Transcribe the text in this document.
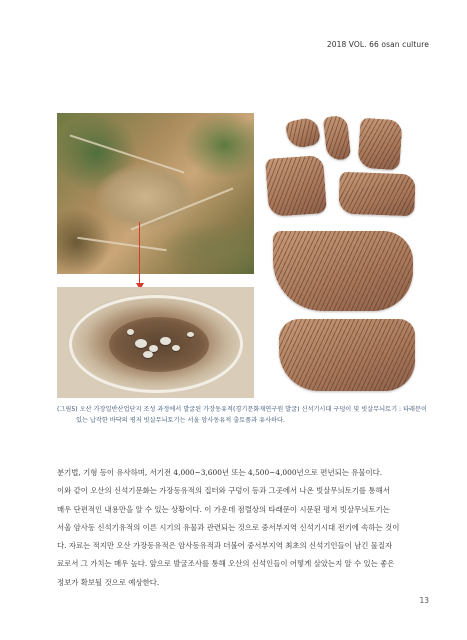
2018 VOL. 66 osan culture
(그림5) 오산 가장일반산업단지 조성 과정에서 발굴된 가장동유적(경기문화재연구원 발굴) 신석기시대 구덩이 및 빗살무늬토기 : 타래문이
있는 납작한 바닥의 평저 빗살무늬토기는 서울 암사동유적 출토품과 유사하다.

분기법, 기형 등이 유사하며, 서기전 4,000~3,600년 또는 4,500~4,000년으로 편년되는 유물이다.

이와 같이 오산의 신석기문화는 가장동유적의 집터와 구덩이 등과 그곳에서 나온 빗살무늬토기를 통해서

매우 단편적인 내용만을 알 수 있는 상황이다. 이 가운데 점렬상의 타래문이 시문된 평저 빗살무늬토기는

서울 암사동 신석기유적의 이른 시기의 유물과 관련되는 것으로 중서부지역 신석기시대 전기에 속하는 것이

다. 자료는 적지만 오산 가장동유적은 암사동유적과 더불어 중서부지역 최초의 신석기인들이 남긴 물질자

료로서 그 가치는 매우 높다. 앞으로 발굴조사를 통해 오산의 신석인들이 어떻게 살았는지 알 수 있는 좋은

정보가 확보될 것으로 예상한다.

13
